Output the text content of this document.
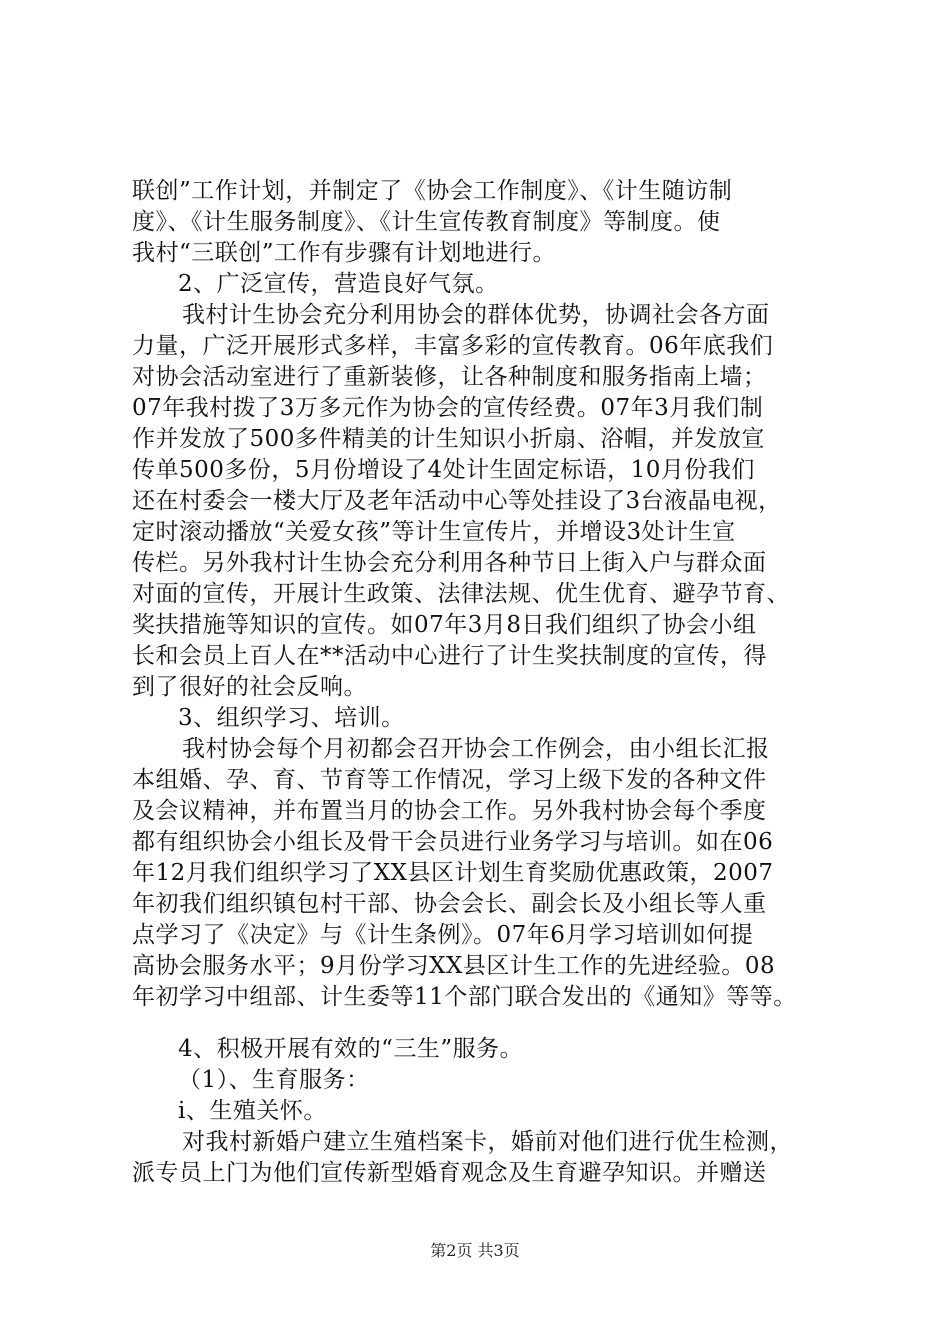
联创”工作计划，并制定了《协会工作制度》、《计生随访制
度》、《计生服务制度》、《计生宣传教育制度》等制度。使
我村“三联创”工作有步骤有计划地进行。
2、广泛宣传，营造良好气氛。
我村计生协会充分利用协会的群体优势，协调社会各方面
力量，广泛开展形式多样，丰富多彩的宣传教育。06年底我们
对协会活动室进行了重新装修，让各种制度和服务指南上墙；
07年我村拨了3万多元作为协会的宣传经费。07年3月我们制
作并发放了500多件精美的计生知识小折扇、浴帽，并发放宣
传单500多份，5月份增设了4处计生固定标语，10月份我们
还在村委会一楼大厅及老年活动中心等处挂设了3台液晶电视，
定时滚动播放“关爱女孩”等计生宣传片，并增设3处计生宣
传栏。另外我村计生协会充分利用各种节日上街入户与群众面
对面的宣传，开展计生政策、法律法规、优生优育、避孕节育、
奖扶措施等知识的宣传。如07年3月8日我们组织了协会小组
长和会员上百人在**活动中心进行了计生奖扶制度的宣传，得
到了很好的社会反响。
3、组织学习、培训。
我村协会每个月初都会召开协会工作例会，由小组长汇报
本组婚、孕、育、节育等工作情况，学习上级下发的各种文件
及会议精神，并布置当月的协会工作。另外我村协会每个季度
都有组织协会小组长及骨干会员进行业务学习与培训。如在06
年12月我们组织学习了XX县区计划生育奖励优惠政策，2007
年初我们组织镇包村干部、协会会长、副会长及小组长等人重
点学习了《决定》与《计生条例》。07年6月学习培训如何提
高协会服务水平；9月份学习XX县区计生工作的先进经验。08
年初学习中组部、计生委等11个部门联合发出的《通知》等等。
4、积极开展有效的“三生”服务。
（1）、生育服务：
i、生殖关怀。
对我村新婚户建立生殖档案卡，婚前对他们进行优生检测，
派专员上门为他们宣传新型婚育观念及生育避孕知识。并赠送
第2页 共3页
